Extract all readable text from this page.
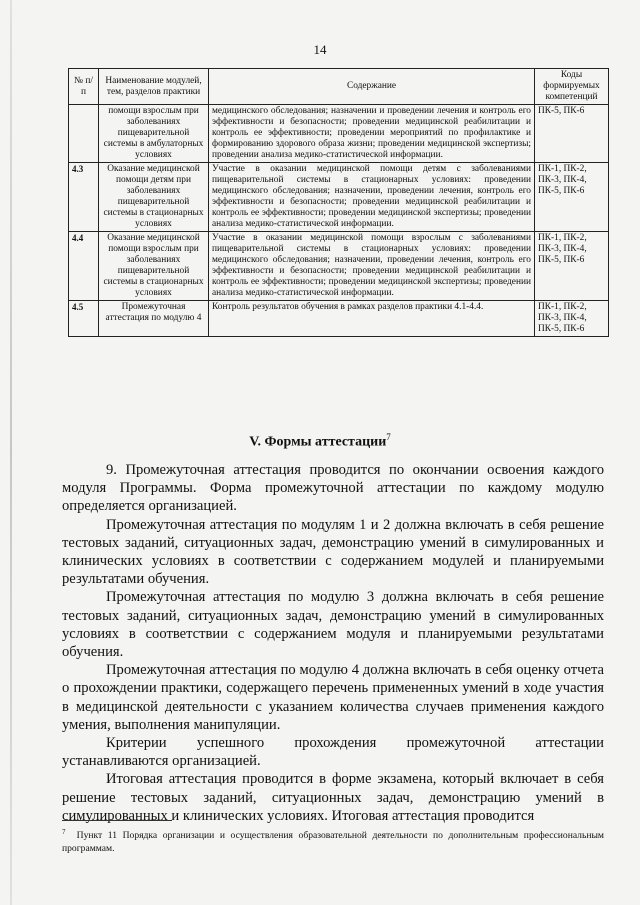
14
№ п/п	Наименование модулей, тем, разделов практики	Содержание	Коды формируемых компетенций
	помощи взрослым при заболеваниях пищеварительной системы в амбулаторных условиях	медицинского обследования; назначении и проведении лечения и контроль его эффективности и безопасности; проведении медицинской реабилитации и контроль ее эффективности; проведении мероприятий по профилактике и формированию здорового образа жизни; проведении медицинской экспертизы; проведении анализа медико-статистической информации.	ПК-5, ПК-6
4.3	Оказание медицинской помощи детям при заболеваниях пищеварительной системы в стационарных условиях	Участие в оказании медицинской помощи детям с заболеваниями пищеварительной системы в стационарных условиях: проведении медицинского обследования; назначении, проведении лечения, контроль его эффективности и безопасности; проведении медицинской реабилитации и контроль ее эффективности; проведении медицинской экспертизы; проведении анализа медико-статистической информации.	ПК-1, ПК-2, ПК-3, ПК-4, ПК-5, ПК-6
4.4	Оказание медицинской помощи взрослым при заболеваниях пищеварительной системы в стационарных условиях	Участие в оказании медицинской помощи взрослым с заболеваниями пищеварительной системы в стационарных условиях: проведении медицинского обследования; назначении, проведении лечения, контроль его эффективности и безопасности; проведении медицинской реабилитации и контроль ее эффективности; проведении медицинской экспертизы; проведении анализа медико-статистической информации.	ПК-1, ПК-2, ПК-3, ПК-4, ПК-5, ПК-6
4.5	Промежуточная аттестация по модулю 4	Контроль результатов обучения в рамках разделов практики 4.1-4.4.	ПК-1, ПК-2, ПК-3, ПК-4, ПК-5, ПК-6
V. Формы аттестации$^7$

9. Промежуточная аттестация проводится по окончании освоения каждого модуля Программы. Форма промежуточной аттестации по каждому модулю определяется организацией.

Промежуточная аттестация по модулям 1 и 2 должна включать в себя решение тестовых заданий, ситуационных задач, демонстрацию умений в симулированных и клинических условиях в соответствии с содержанием модулей и планируемыми результатами обучения.

Промежуточная аттестация по модулю 3 должна включать в себя решение тестовых заданий, ситуационных задач, демонстрацию умений в симулированных условиях в соответствии с содержанием модуля и планируемыми результатами обучения.

Промежуточная аттестация по модулю 4 должна включать в себя оценку отчета о прохождении практики, содержащего перечень примененных умений в ходе участия в медицинской деятельности с указанием количества случаев применения каждого умения, выполнения манипуляции.

Критерии успешного прохождения промежуточной аттестации устанавливаются организацией.

Итоговая аттестация проводится в форме экзамена, который включает в себя решение тестовых заданий, ситуационных задач, демонстрацию умений в симулированных и клинических условиях. Итоговая аттестация проводится

$^7$ Пункт 11 Порядка организации и осуществления образовательной деятельности по дополнительным профессиональным программам.
